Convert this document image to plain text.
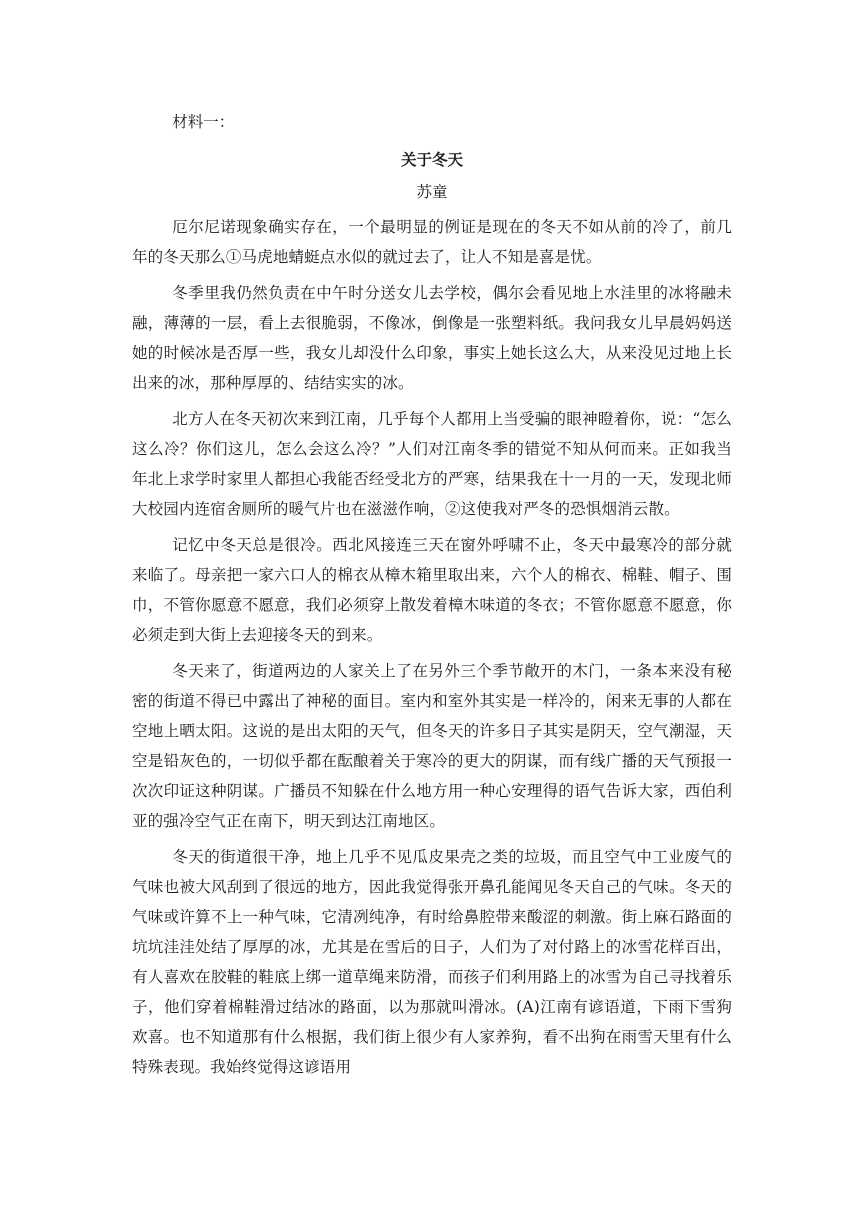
材料一：

关于冬天

苏童

厄尔尼诺现象确实存在，一个最明显的例证是现在的冬天不如从前的冷了，前几年的冬天那么①马虎地蜻蜓点水似的就过去了，让人不知是喜是忧。

冬季里我仍然负责在中午时分送女儿去学校，偶尔会看见地上水洼里的冰将融未融，薄薄的一层，看上去很脆弱，不像冰，倒像是一张塑料纸。我问我女儿早晨妈妈送她的时候冰是否厚一些，我女儿却没什么印象，事实上她长这么大，从来没见过地上长出来的冰，那种厚厚的、结结实实的冰。

北方人在冬天初次来到江南，几乎每个人都用上当受骗的眼神瞪着你，说：“怎么这么冷？你们这儿，怎么会这么冷？”人们对江南冬季的错觉不知从何而来。正如我当年北上求学时家里人都担心我能否经受北方的严寒，结果我在十一月的一天，发现北师大校园内连宿舍厕所的暖气片也在滋滋作响，②这使我对严冬的恐惧烟消云散。

记忆中冬天总是很冷。西北风接连三天在窗外呼啸不止，冬天中最寒冷的部分就来临了。母亲把一家六口人的棉衣从樟木箱里取出来，六个人的棉衣、棉鞋、帽子、围巾，不管你愿意不愿意，我们必须穿上散发着樟木味道的冬衣；不管你愿意不愿意，你必须走到大街上去迎接冬天的到来。

冬天来了，街道两边的人家关上了在另外三个季节敞开的木门，一条本来没有秘密的街道不得已中露出了神秘的面目。室内和室外其实是一样冷的，闲来无事的人都在空地上晒太阳。这说的是出太阳的天气，但冬天的许多日子其实是阴天，空气潮湿，天空是铅灰色的，一切似乎都在酝酿着关于寒冷的更大的阴谋，而有线广播的天气预报一次次印证这种阴谋。广播员不知躲在什么地方用一种心安理得的语气告诉大家，西伯利亚的强冷空气正在南下，明天到达江南地区。

冬天的街道很干净，地上几乎不见瓜皮果壳之类的垃圾，而且空气中工业废气的气味也被大风刮到了很远的地方，因此我觉得张开鼻孔能闻见冬天自己的气味。冬天的气味或许算不上一种气味，它清冽纯净，有时给鼻腔带来酸涩的刺激。街上麻石路面的坑坑洼洼处结了厚厚的冰，尤其是在雪后的日子，人们为了对付路上的冰雪花样百出，有人喜欢在胶鞋的鞋底上绑一道草绳来防滑，而孩子们利用路上的冰雪为自己寻找着乐子，他们穿着棉鞋滑过结冰的路面，以为那就叫滑冰。(A)江南有谚语道，下雨下雪狗欢喜。也不知道那有什么根据，我们街上很少有人家养狗，看不出狗在雨雪天里有什么特殊表现。我始终觉得这谚语用
